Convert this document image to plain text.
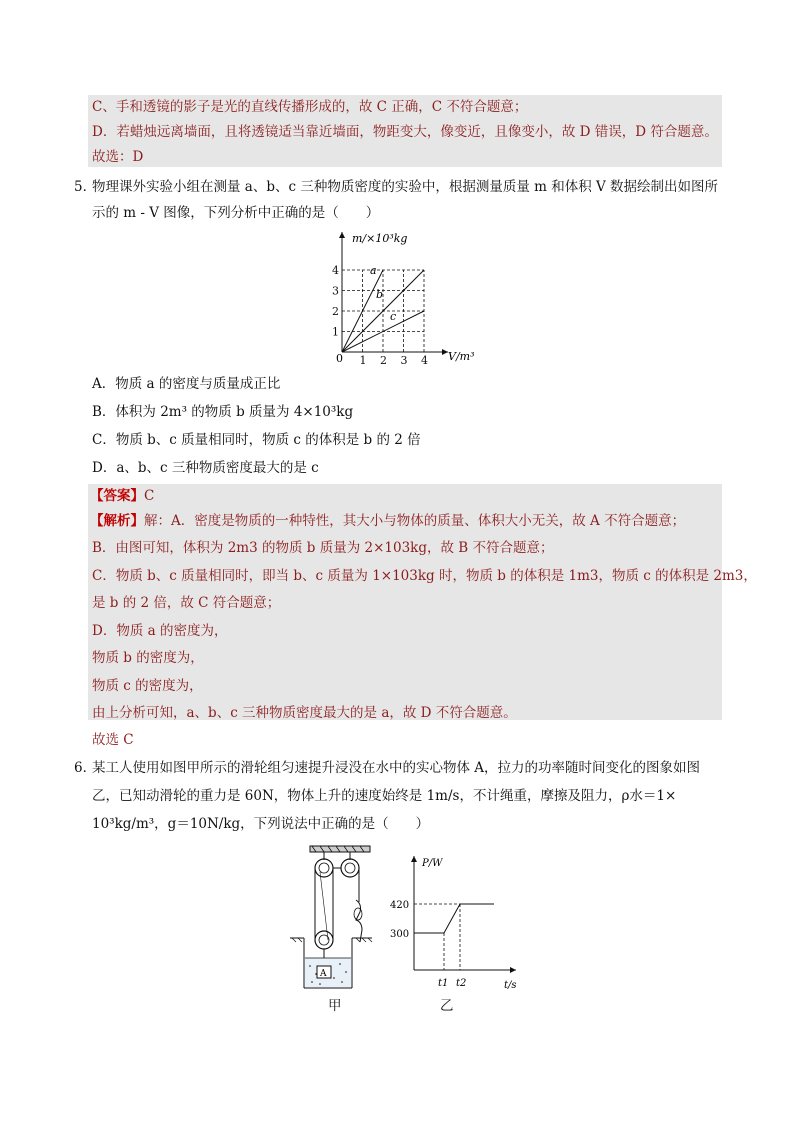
C、手和透镜的影子是光的直线传播形成的，故 C 正确，C 不符合题意；
D．若蜡烛远离墙面，且将透镜适当靠近墙面，物距变大，像变近，且像变小，故 D 错误，D 符合题意。
故选：D
5．
物理课外实验小组在测量 a、b、c 三种物质密度的实验中，根据测量质量 m 和体积 V 数据绘制出如图所
示的 m - V 图像，下列分析中正确的是（　　）
1 2 3 4
1
2
3
4
m/×10³kg
V/m³
0
a
b
c
A．物质 a 的密度与质量成正比
B．体积为 2m³ 的物质 b 质量为 4×10³kg
C．物质 b、c 质量相同时，物质 c 的体积是 b 的 2 倍
D．a、b、c 三种物质密度最大的是 c
【答案】C
【解析】解：A．密度是物质的一种特性，其大小与物体的质量、体积大小无关，故 A 不符合题意；
B．由图可知，体积为 2m3 的物质 b 质量为 2×103kg，故 B 不符合题意；
C．物质 b、c 质量相同时，即当 b、c 质量为 1×103kg 时，物质 b 的体积是 1m3，物质 c 的体积是 2m3，
是 b 的 2 倍，故 C 符合题意；
D．物质 a 的密度为，
物质 b 的密度为，
物质 c 的密度为，
由上分析可知，a、b、c 三种物质密度最大的是 a，故 D 不符合题意。
故选 C
6．
某工人使用如图甲所示的滑轮组匀速提升浸没在水中的实心物体 A，拉力的功率随时间变化的图象如图
乙，已知动滑轮的重力是 60N，物体上升的速度始终是 1m/s，不计绳重，摩擦及阻力，ρ水＝1×
10³kg/m³，g＝10N/kg，下列说法中正确的是（　　）
A
甲
P/W
t/s
420
300
t1 t2
乙
